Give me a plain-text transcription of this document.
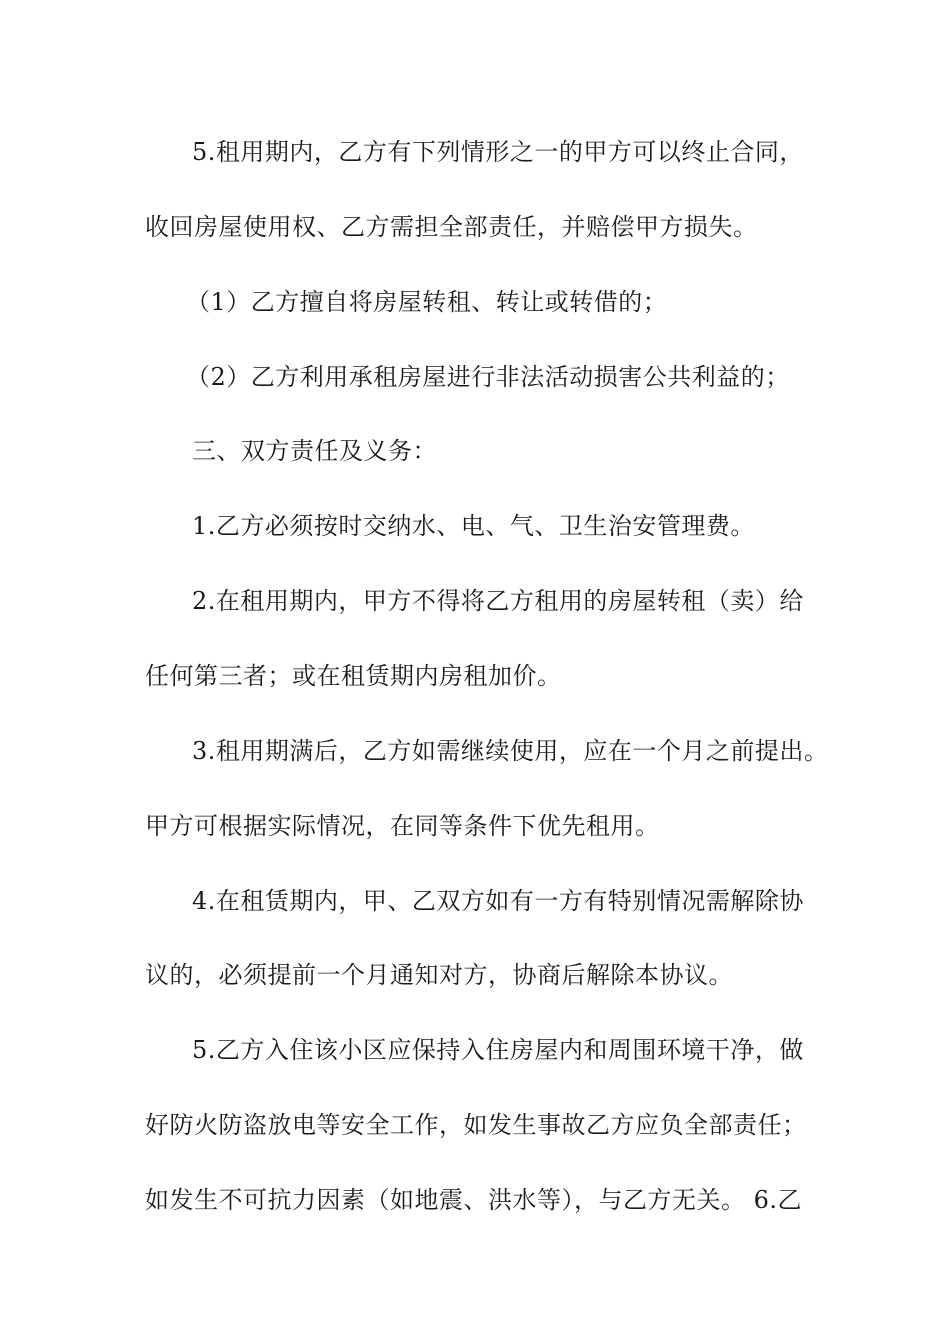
5.租用期内，乙方有下列情形之一的甲方可以终止合同，
收回房屋使用权、乙方需担全部责任，并赔偿甲方损失。
（1）乙方擅自将房屋转租、转让或转借的；
（2）乙方利用承租房屋进行非法活动损害公共利益的；
三、双方责任及义务：
1.乙方必须按时交纳水、电、气、卫生治安管理费。
2.在租用期内，甲方不得将乙方租用的房屋转租（卖）给
任何第三者；或在租赁期内房租加价。
3.租用期满后，乙方如需继续使用，应在一个月之前提出。
甲方可根据实际情况，在同等条件下优先租用。
4.在租赁期内，甲、乙双方如有一方有特别情况需解除协
议的，必须提前一个月通知对方，协商后解除本协议。
5.乙方入住该小区应保持入住房屋内和周围环境干净，做
好防火防盗放电等安全工作，如发生事故乙方应负全部责任；
如发生不可抗力因素（如地震、洪水等），与乙方无关。 6.乙
